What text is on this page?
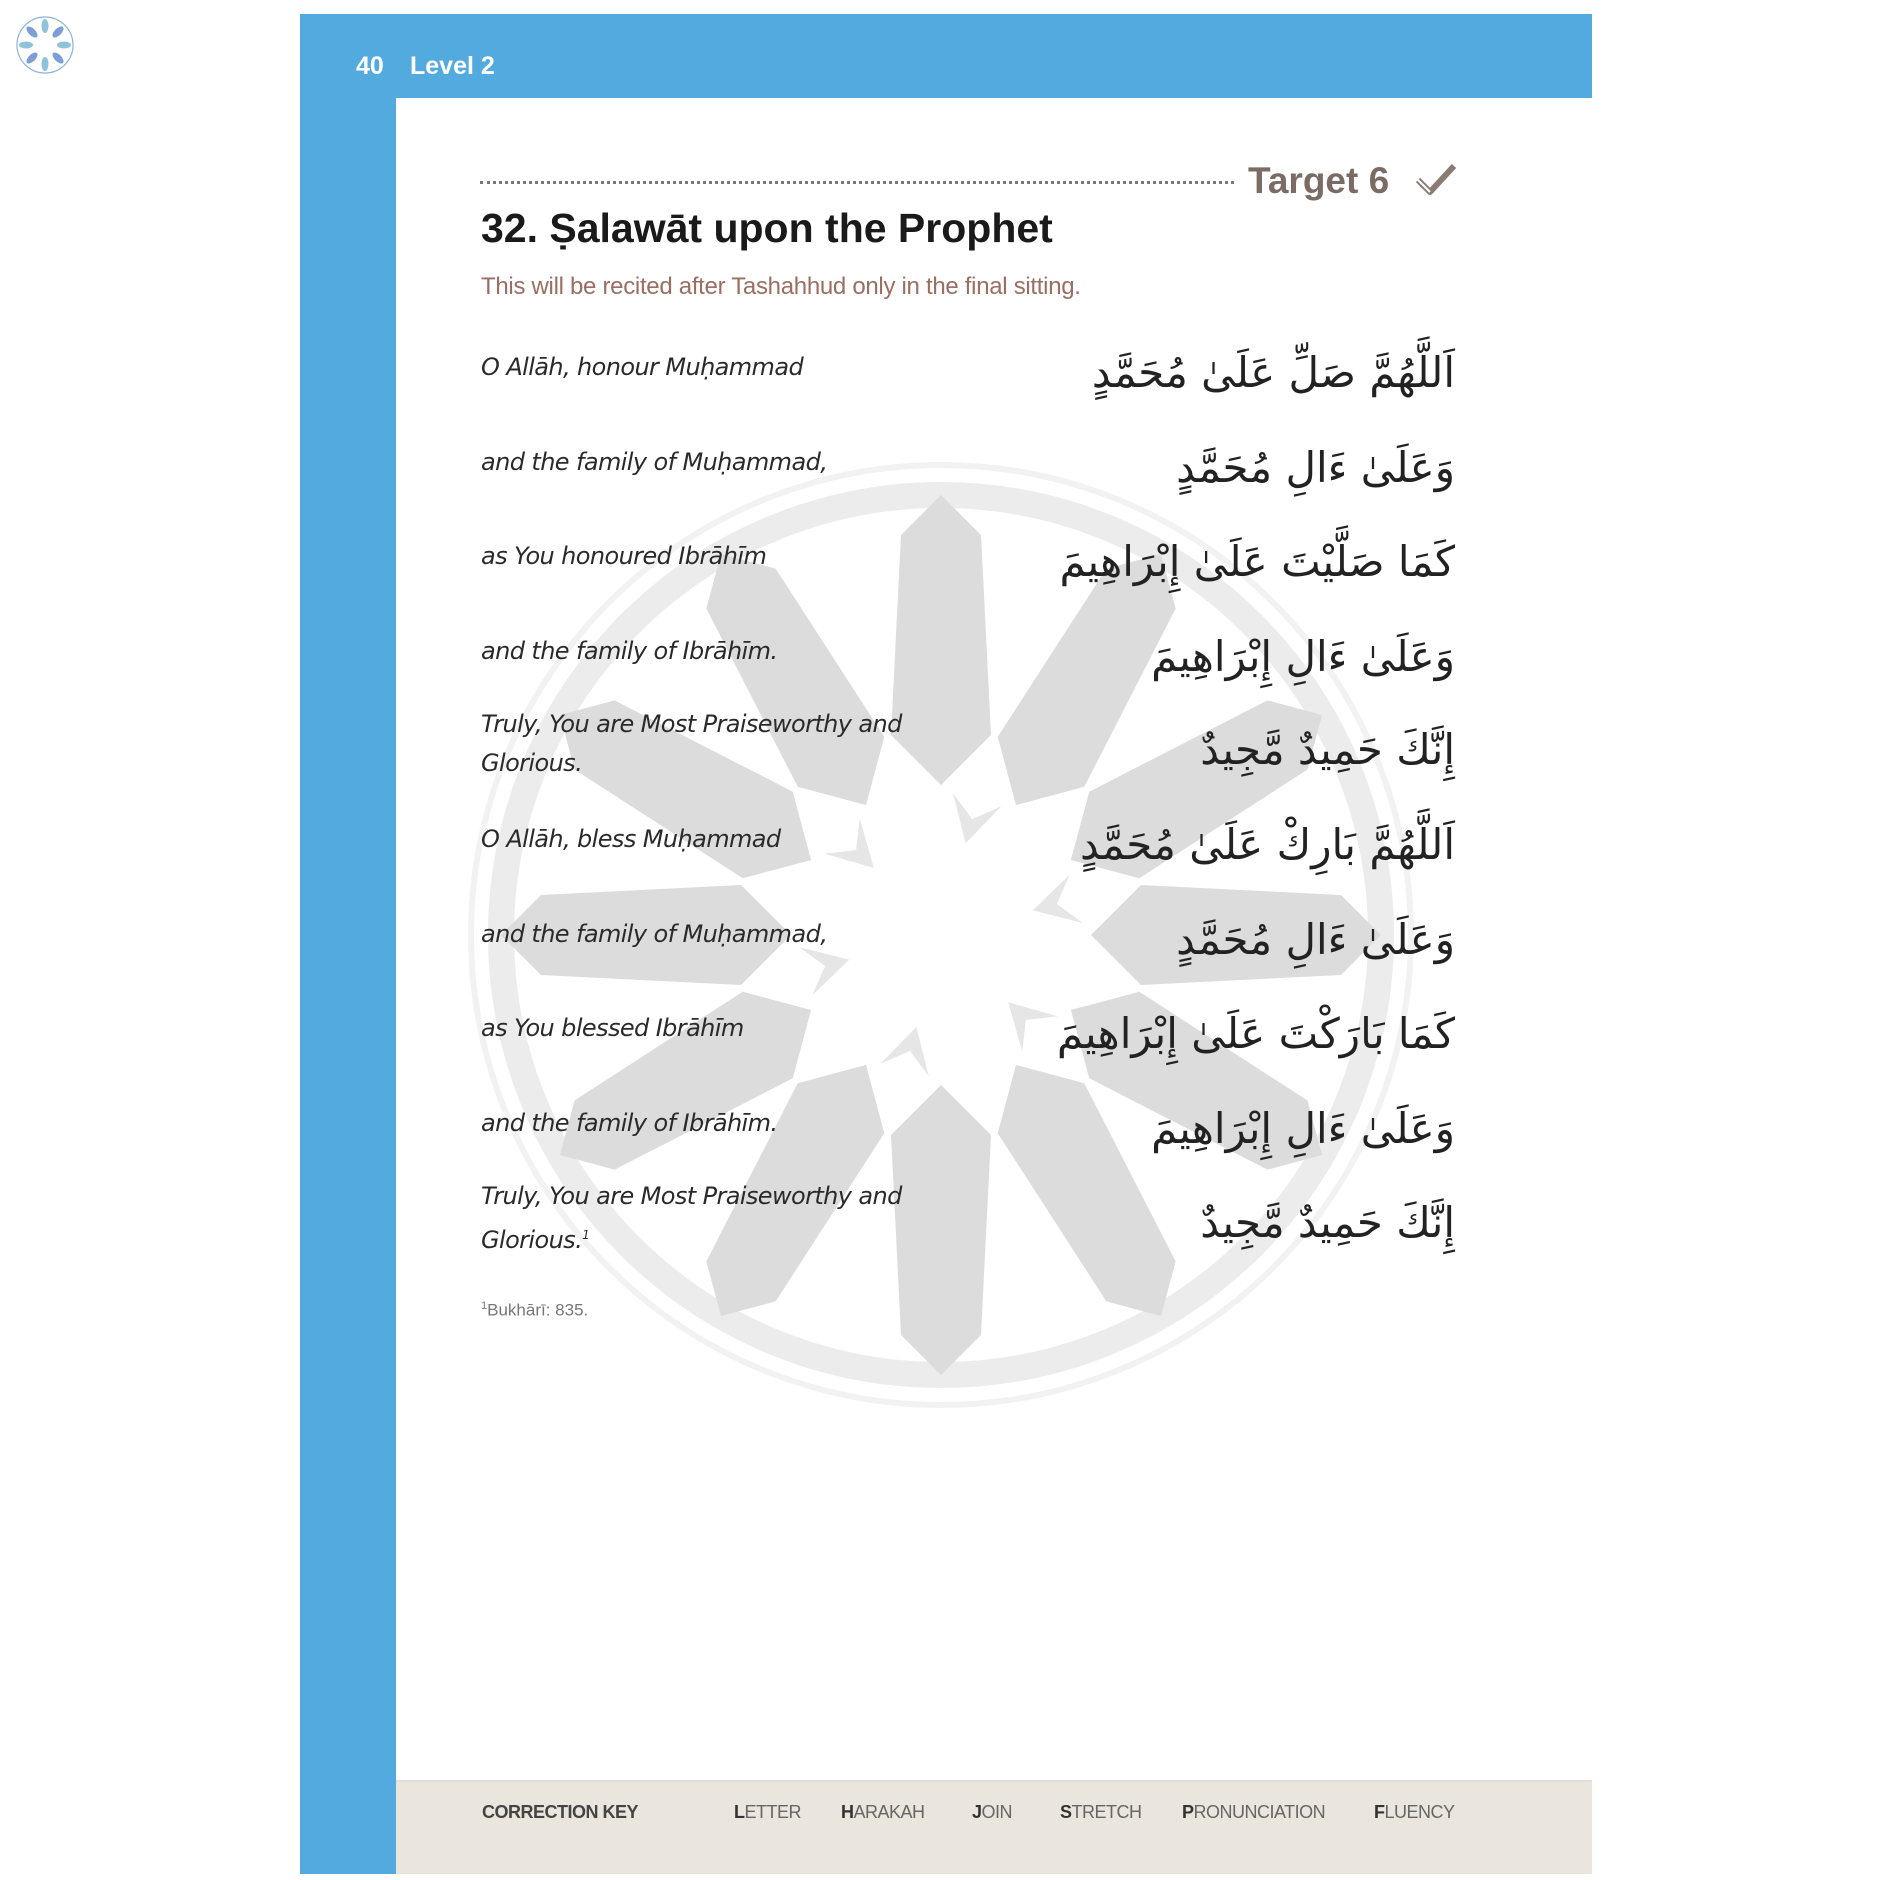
40 Level 2
Target 6
32. Ṣalawāt upon the Prophet
This will be recited after Tashahhud only in the final sitting.
O Allāh, honour Muḥammad	اَللَّهُمَّ صَلِّ عَلَىٰ مُحَمَّدٍ
and the family of Muḥammad,	وَعَلَىٰ ءَالِ مُحَمَّدٍ
as You honoured Ibrāhīm	كَمَا صَلَّيْتَ عَلَىٰ إِبْرَاهِيمَ
and the family of Ibrāhīm.	وَعَلَىٰ ءَالِ إِبْرَاهِيمَ
Truly, You are Most Praiseworthy and Glorious.	إِنَّكَ حَمِيدٌ مَّجِيدٌ
O Allāh, bless Muḥammad	اَللَّهُمَّ بَارِكْ عَلَىٰ مُحَمَّدٍ
and the family of Muḥammad,	وَعَلَىٰ ءَالِ مُحَمَّدٍ
as You blessed Ibrāhīm	كَمَا بَارَكْتَ عَلَىٰ إِبْرَاهِيمَ
and the family of Ibrāhīm.	وَعَلَىٰ ءَالِ إِبْرَاهِيمَ
Truly, You are Most Praiseworthy and Glorious.$^1$	إِنَّكَ حَمِيدٌ مَّجِيدٌ
$^1$Bukhārī: 835.
CORRECTION KEY	LETTER HARAKAH	JOIN	STRETCH PRONUNCIATION	FLUENCY
